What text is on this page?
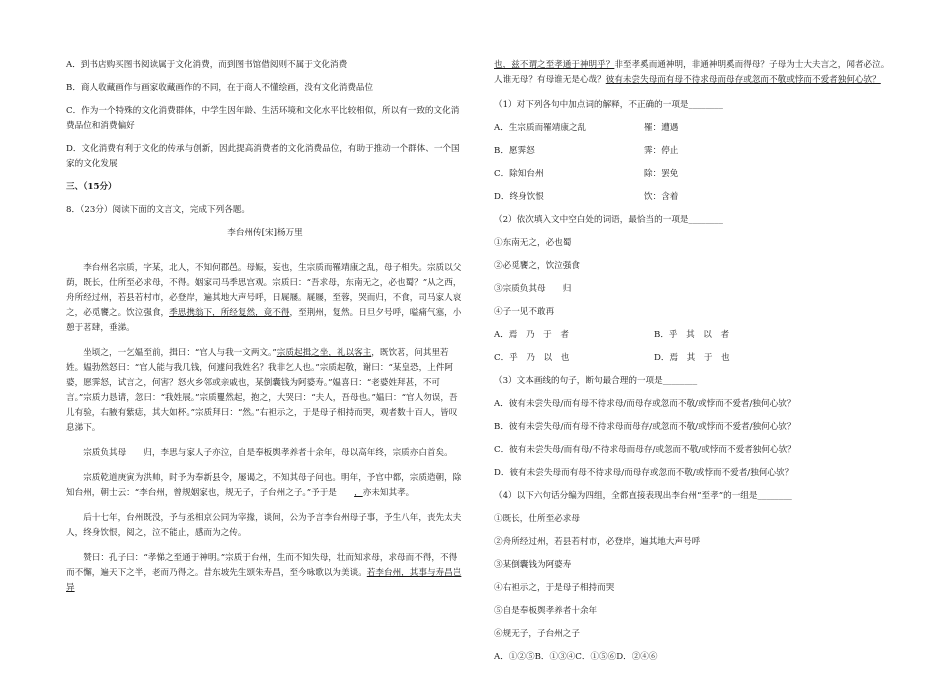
A．到书店购买图书阅读属于文化消费，而到图书馆借阅则不属于文化消费

B．商人收藏画作与画家收藏画作的不同，在于商人不懂绘画，没有文化消费品位

C．作为一个特殊的文化消费群体，中学生因年龄、生活环境和文化水平比较相似，所以有一致的文化消费品位和消费偏好

D．文化消费有利于文化的传承与创新，因此提高消费者的文化消费品位，有助于推动一个群体、一个国家的文化发展

三、（15分）

8．（23分）阅读下面的文言文，完成下列各题。

李台州传[宋]杨万里

李台州名宗质，字某，北人，不知何郡邑。母娠，妄也，生宗质而罹靖康之乱，母子相失。宗质以父荫，既长，仕所至必求母，不得。姻家司马季思宫观。宗质曰：“吾求母，东南无之，必也蜀？”从之西，舟所经过州，若县若村市，必登岸，遍其地大声号呼，日屣屦。屣屦，至蓉，哭而归，不食，司马家人哀之，必觅饔之。饮泣强食，季思携翁下，所经复然，竟不得，至荆州，复然。日旦夕号呼，嗌痛气塞，小憩于茗肆，垂涕。

坐顷之，一乞媪至前，揖曰：“官人与我一文两文。”宗质起揖之坐，礼以客主，既饮茗，问其里若姓。媪勃然怒曰：“官人能与我几钱，何遽问我姓名？我非乞人也。”宗质起敬，谢曰：“某皇恐，上件阿婆，愿霁怒，试言之，何害？怒火乡邻或亲戚也，某倒囊钱为阿婆寿。”媪喜曰：“老婆姓拜甚，不可言。”宗质力恳请，忽曰：“我姓展。”宗质矍然起，抱之，大哭曰：“夫人，吾母也。”媪曰：“官人勿误，吾儿有验，右腋有紫痣，其大如杯。”宗质拜曰：“然。”右袒示之，于是母子相持而哭，观者数十百人，皆叹息涕下。

宗质负其母　　归，李思与家人子亦泣，自是奉板舆孝养者十余年，母以高年终，宗质亦白首矣。

宗质乾道庚寅为洪帅，时予为奉新县令，屡谒之，不知其母子问也。明年，予官中都，宗质造朝，除知台州，朝士云：“李台州，曾规姻家也，规无子，子台州之子。”予于是　　，亦未知其孝。

后十七年，台州既没，予与丞相京公同为宰掾，谈间，公为予言李台州母子事，予生八年，丧先太夫人，终身饮恨，阅之，泣不能止，感而为之传。

赞曰：孔子曰：“孝悌之至通于神明。”宗质于台州，生而不知失母，壮而知求母，求母而不得，不得而不懈，遍天下之半，老而乃得之。昔东坡先生颂朱寿昌，至今咏歌以为美谈。若李台州，其事与寿昌岂异

也，兹不谓之至孝通于神明乎？非至孝奚而通神明，非通神明奚而得母？子母为士大夫言之，闻者必泣。人谁无母？有母谁无是心哉？彼有未尝失母而有母不待求母而母存或忽而不敬或悖而不爱者独何心欤？

（1）对下列各句中加点词的解释，不正确的一项是________

A．生宗质而罹靖康之乱	罹：遭遇
B．愿霁怒	霁：停止
C．除知台州	除：罢免
D．终身饮恨	饮：含着

（2）依次填入文中空白处的词语，最恰当的一项是________

①东南无之，必也蜀

②必觅饔之，饮泣强食

③宗质负其母　　归

④子一见不敢再

A．焉　乃　于　者	B．乎　其　以　者
C．乎　乃　以　也	D．焉　其　于　也

（3）文本画线的句子，断句最合理的一项是________

A．彼有未尝失母/而有母不待求母/而母存或忽而不敬/或悖而不爱者/独何心欤？

B．彼有未尝失母/而有母不待求母而母存/或忽而不敬/或悖而不爱者/独何心欤？

C．彼有未尝失母/而有母/不待求母而母存/或忽而不敬/或悖而不爱者独何心欤？

D．彼有未尝失母而有母不待求母/而母存或忽而不敬/或悖而不爱者/独何心欤？

（4）以下六句话分编为四组，全都直接表现出李台州“至孝”的一组是________

①既长，仕所至必求母

②舟所经过州，若县若村市，必登岸，遍其地大声号呼

③某倒囊钱为阿婆寿

④右袒示之，于是母子相持而哭

⑤自是奉板舆孝养者十余年

⑥规无子，子台州之子

A．①②⑤B．①③④C．①⑤⑥D．②④⑥
